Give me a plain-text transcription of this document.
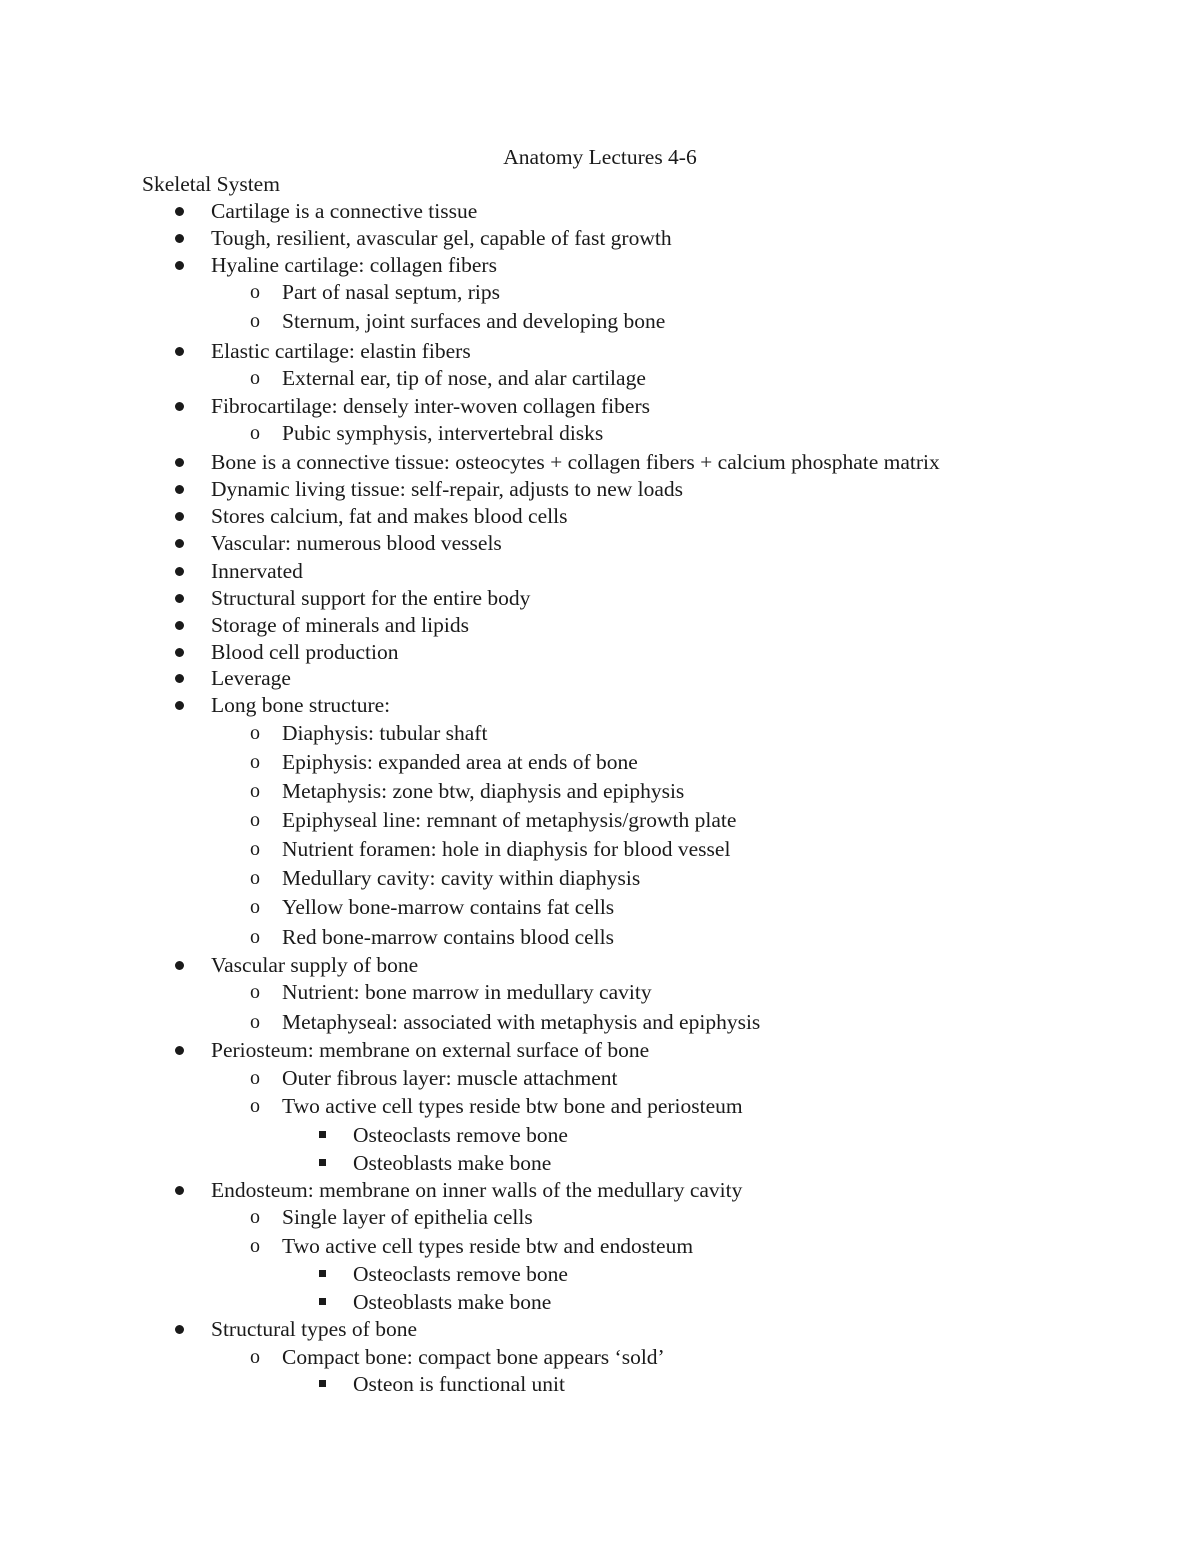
Anatomy Lectures 4-6
Skeletal System
Cartilage is a connective tissue
Tough, resilient, avascular gel, capable of fast growth
Hyaline cartilage: collagen fibers
o Part of nasal septum, rips
o Sternum, joint surfaces and developing bone
Elastic cartilage: elastin fibers
o External ear, tip of nose, and alar cartilage
Fibrocartilage: densely inter-woven collagen fibers
o Pubic symphysis, intervertebral disks
Bone is a connective tissue: osteocytes + collagen fibers + calcium phosphate matrix
Dynamic living tissue: self-repair, adjusts to new loads
Stores calcium, fat and makes blood cells
Vascular: numerous blood vessels
Innervated
Structural support for the entire body
Storage of minerals and lipids
Blood cell production
Leverage
Long bone structure:
o Diaphysis: tubular shaft
o Epiphysis: expanded area at ends of bone
o Metaphysis: zone btw, diaphysis and epiphysis
o Epiphyseal line: remnant of metaphysis/growth plate
o Nutrient foramen: hole in diaphysis for blood vessel
o Medullary cavity: cavity within diaphysis
o Yellow bone-marrow contains fat cells
o Red bone-marrow contains blood cells
Vascular supply of bone
o Nutrient: bone marrow in medullary cavity
o Metaphyseal: associated with metaphysis and epiphysis
Periosteum: membrane on external surface of bone
o Outer fibrous layer: muscle attachment
o Two active cell types reside btw bone and periosteum
Osteoclasts remove bone
Osteoblasts make bone
Endosteum: membrane on inner walls of the medullary cavity
o Single layer of epithelia cells
o Two active cell types reside btw and endosteum
Osteoclasts remove bone
Osteoblasts make bone
Structural types of bone
o Compact bone: compact bone appears ‘sold’
Osteon is functional unit
